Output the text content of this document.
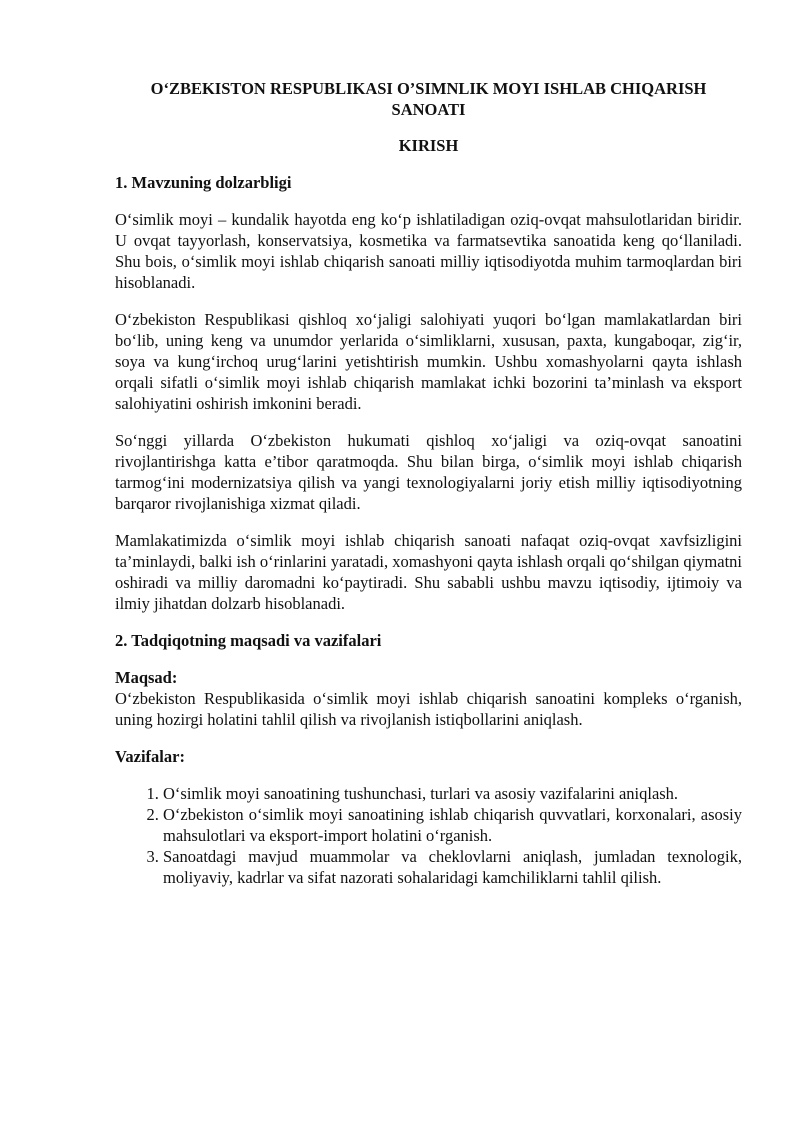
O‘ZBEKISTON RESPUBLIKASI O’SIMNLIK MOYI ISHLAB CHIQARISH SANOATI
KIRISH
1. Mavzuning dolzarbligi

O‘simlik moyi – kundalik hayotda eng ko‘p ishlatiladigan oziq-ovqat mahsulotlaridan biridir. U ovqat tayyorlash, konservatsiya, kosmetika va farmatsevtika sanoatida keng qo‘llaniladi. Shu bois, o‘simlik moyi ishlab chiqarish sanoati milliy iqtisodiyotda muhim tarmoqlardan biri hisoblanadi.

O‘zbekiston Respublikasi qishloq xo‘jaligi salohiyati yuqori bo‘lgan mamlakatlardan biri bo‘lib, uning keng va unumdor yerlarida o‘simliklarni, xususan, paxta, kungaboqar, zig‘ir, soya va kung‘irchoq urug‘larini yetishtirish mumkin. Ushbu xomashyolarni qayta ishlash orqali sifatli o‘simlik moyi ishlab chiqarish mamlakat ichki bozorini ta’minlash va eksport salohiyatini oshirish imkonini beradi.

So‘nggi yillarda O‘zbekiston hukumati qishloq xo‘jaligi va oziq-ovqat sanoatini rivojlantirishga katta e’tibor qaratmoqda. Shu bilan birga, o‘simlik moyi ishlab chiqarish tarmog‘ini modernizatsiya qilish va yangi texnologiyalarni joriy etish milliy iqtisodiyotning barqaror rivojlanishiga xizmat qiladi.

Mamlakatimizda o‘simlik moyi ishlab chiqarish sanoati nafaqat oziq-ovqat xavfsizligini ta’minlaydi, balki ish o‘rinlarini yaratadi, xomashyoni qayta ishlash orqali qo‘shilgan qiymatni oshiradi va milliy daromadni ko‘paytiradi. Shu sababli ushbu mavzu iqtisodiy, ijtimoiy va ilmiy jihatdan dolzarb hisoblanadi.

2. Tadqiqotning maqsadi va vazifalari
Maqsad:

O‘zbekiston Respublikasida o‘simlik moyi ishlab chiqarish sanoatini kompleks o‘rganish, uning hozirgi holatini tahlil qilish va rivojlanish istiqbollarini aniqlash.

Vazifalar:
1. O‘simlik moyi sanoatining tushunchasi, turlari va asosiy vazifalarini aniqlash.
2. O‘zbekiston o‘simlik moyi sanoatining ishlab chiqarish quvvatlari, korxonalari, asosiy mahsulotlari va eksport-import holatini o‘rganish.
3. Sanoatdagi mavjud muammolar va cheklovlarni aniqlash, jumladan texnologik, moliyaviy, kadrlar va sifat nazorati sohalaridagi kamchiliklarni tahlil qilish.
